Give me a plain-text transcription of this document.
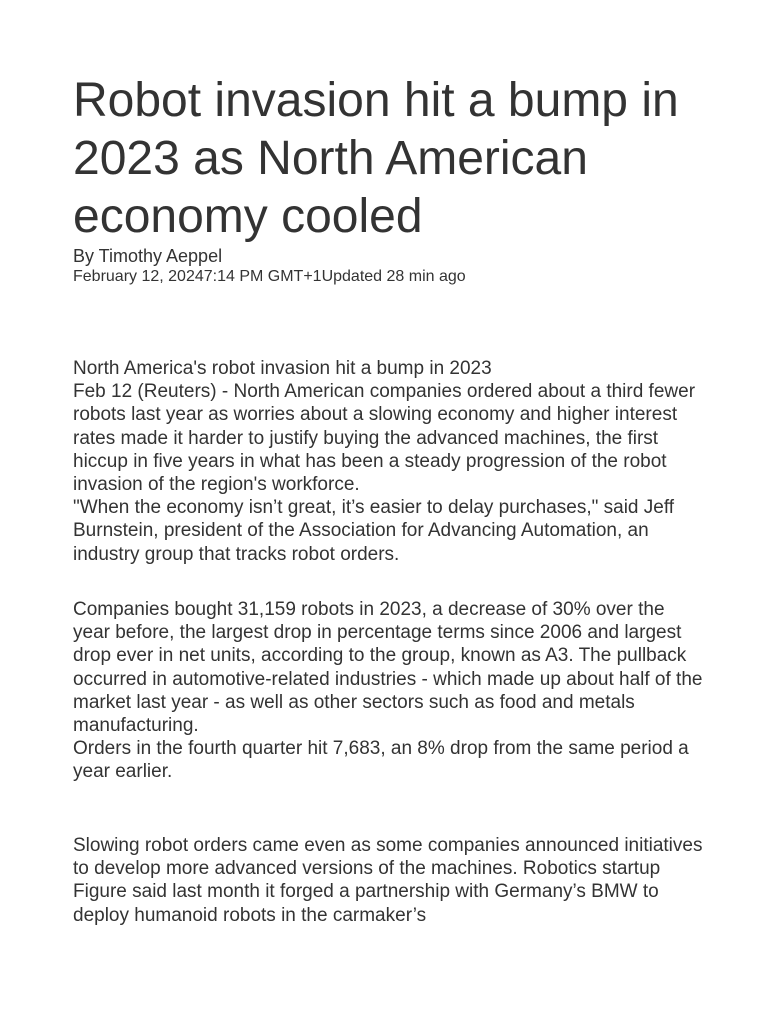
Robot invasion hit a bump in 2023 as North American economy cooled
By Timothy Aeppel
February 12, 20247:14 PM GMT+1Updated 28 min ago

North America's robot invasion hit a bump in 2023

Feb 12 (Reuters) - North American companies ordered about a third fewer robots last year as worries about a slowing economy and higher interest rates made it harder to justify buying the advanced machines, the first hiccup in five years in what has been a steady progression of the robot invasion of the region's workforce.

"When the economy isn’t great, it’s easier to delay purchases," said Jeff Burnstein, president of the Association for Advancing Automation, an industry group that tracks robot orders.

Companies bought 31,159 robots in 2023, a decrease of 30% over the year before, the largest drop in percentage terms since 2006 and largest drop ever in net units, according to the group, known as A3. The pullback occurred in automotive-related industries - which made up about half of the market last year - as well as other sectors such as food and metals manufacturing.

Orders in the fourth quarter hit 7,683, an 8% drop from the same period a year earlier.

Slowing robot orders came even as some companies announced initiatives to develop more advanced versions of the machines. Robotics startup Figure said last month it forged a partnership with Germany’s BMW to deploy humanoid robots in the carmaker’s
